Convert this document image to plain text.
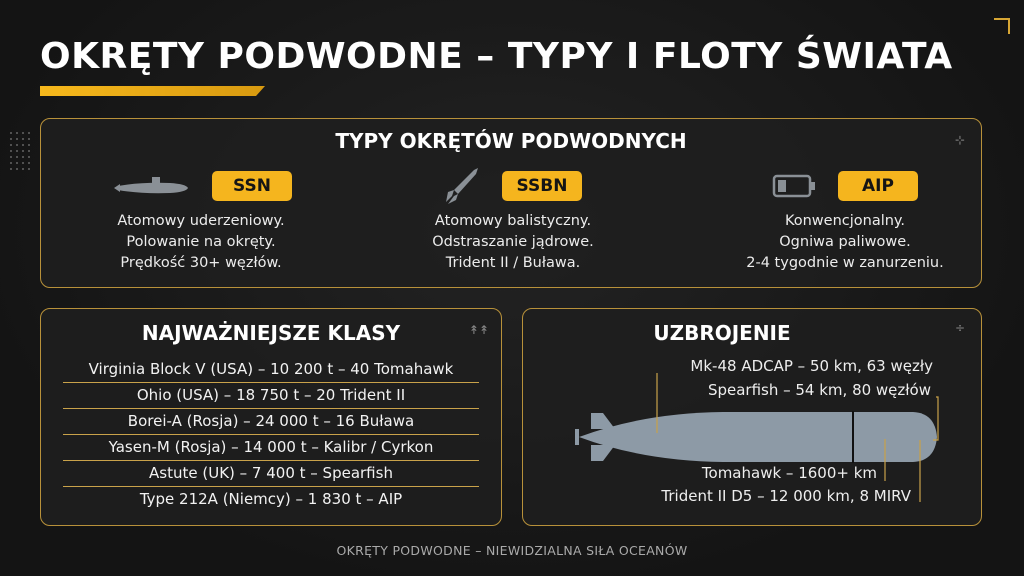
OKRĘTY PODWODNE – TYPY I FLOTY ŚWIATA
TYPY OKRĘTÓW PODWODNYCH	⊹
SSN
Atomowy uderzeniowy.
Polowanie na okręty.
Prędkość 30+ węzłów.
SSBN
Atomowy balistyczny.
Odstraszanie jądrowe.
Trident II / Buława.
AIP
Konwencjonalny.
Ogniwa paliwowe.
2-4 tygodnie w zanurzeniu.
NAJWAŻNIEJSZE KLASY	↟↟
Virginia Block V (USA) – 10 200 t – 40 Tomahawk
Ohio (USA) – 18 750 t – 20 Trident II
Borei-A (Rosja) – 24 000 t – 16 Buława
Yasen-M (Rosja) – 14 000 t – Kalibr / Cyrkon
Astute (UK) – 7 400 t – Spearfish
Type 212A (Niemcy) – 1 830 t – AIP
UZBROJENIE	÷
Mk-48 ADCAP – 50 km, 63 węzły
Spearfish – 54 km, 80 węzłów
Tomahawk – 1600+ km
Trident II D5 – 12 000 km, 8 MIRV
OKRĘTY PODWODNE – NIEWIDZIALNA SIŁA OCEANÓW
